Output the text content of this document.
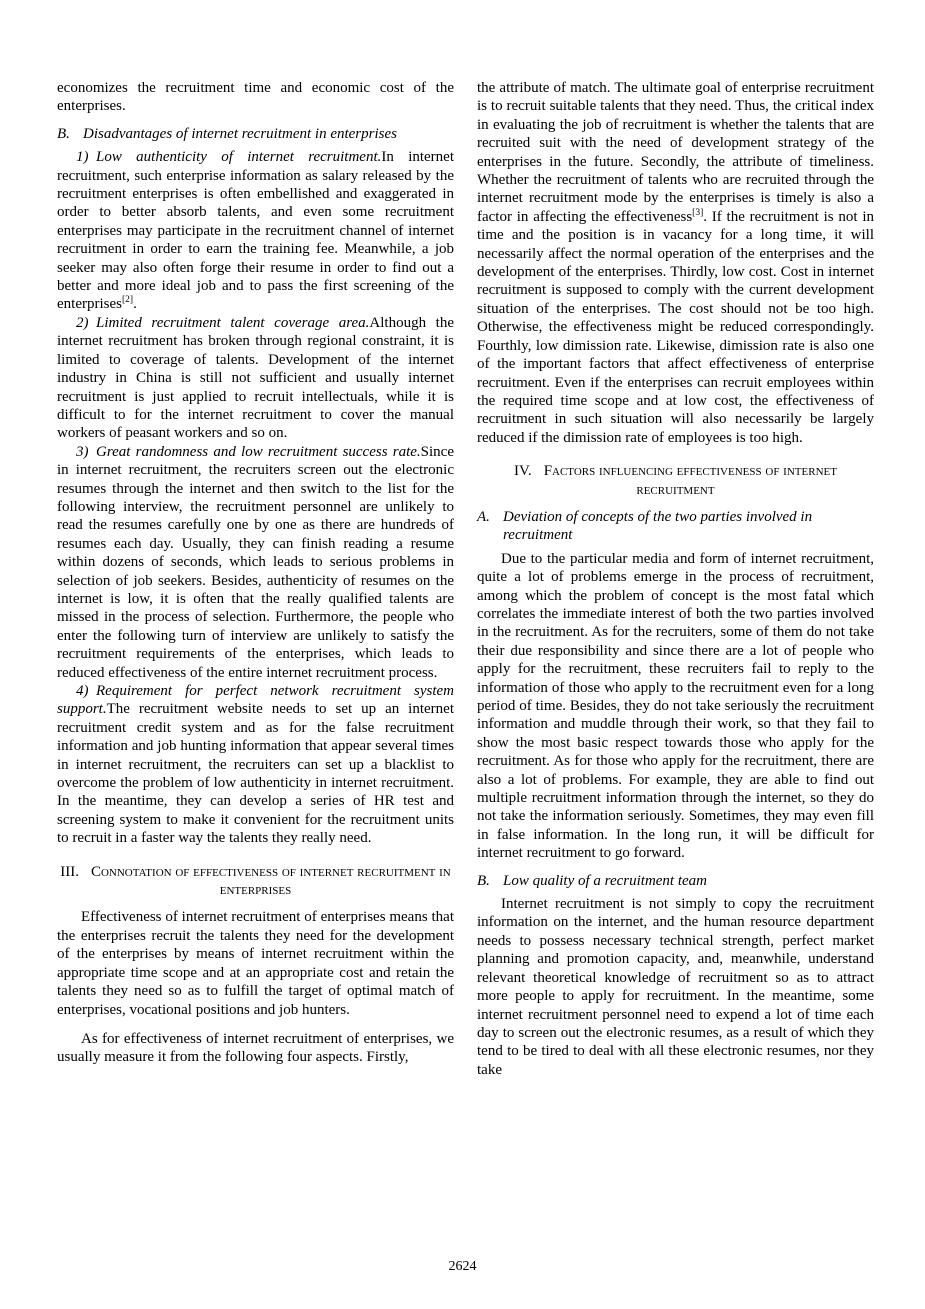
economizes the recruitment time and economic cost of the enterprises.

B. Disadvantages of internet recruitment in enterprises

1) Low authenticity of internet recruitment.In internet recruitment, such enterprise information as salary released by the recruitment enterprises is often embellished and exaggerated in order to better absorb talents, and even some recruitment enterprises may participate in the recruitment channel of internet recruitment in order to earn the training fee. Meanwhile, a job seeker may also often forge their resume in order to find out a better and more ideal job and to pass the first screening of the enterprises[2].

2) Limited recruitment talent coverage area.Although the internet recruitment has broken through regional constraint, it is limited to coverage of talents. Development of the internet industry in China is still not sufficient and usually internet recruitment is just applied to recruit intellectuals, while it is difficult to for the internet recruitment to cover the manual workers of peasant workers and so on.

3) Great randomness and low recruitment success rate.Since in internet recruitment, the recruiters screen out the electronic resumes through the internet and then switch to the list for the following interview, the recruitment personnel are unlikely to read the resumes carefully one by one as there are hundreds of resumes each day. Usually, they can finish reading a resume within dozens of seconds, which leads to serious problems in selection of job seekers. Besides, authenticity of resumes on the internet is low, it is often that the really qualified talents are missed in the process of selection. Furthermore, the people who enter the following turn of interview are unlikely to satisfy the recruitment requirements of the enterprises, which leads to reduced effectiveness of the entire internet recruitment process.

4) Requirement for perfect network recruitment system support.The recruitment website needs to set up an internet recruitment credit system and as for the false recruitment information and job hunting information that appear several times in internet recruitment, the recruiters can set up a blacklist to overcome the problem of low authenticity in internet recruitment. In the meantime, they can develop a series of HR test and screening system to make it convenient for the recruitment units to recruit in a faster way the talents they really need.

III. Connotation of effectiveness of internet recruitment in enterprises

Effectiveness of internet recruitment of enterprises means that the enterprises recruit the talents they need for the development of the enterprises by means of internet recruitment within the appropriate time scope and at an appropriate cost and retain the talents they need so as to fulfill the target of optimal match of enterprises, vocational positions and job hunters.

As for effectiveness of internet recruitment of enterprises, we usually measure it from the following four aspects. Firstly,

the attribute of match. The ultimate goal of enterprise recruitment is to recruit suitable talents that they need. Thus, the critical index in evaluating the job of recruitment is whether the talents that are recruited suit with the need of development strategy of the enterprises in the future. Secondly, the attribute of timeliness. Whether the recruitment of talents who are recruited through the internet recruitment mode by the enterprises is timely is also a factor in affecting the effectiveness[3]. If the recruitment is not in time and the position is in vacancy for a long time, it will necessarily affect the normal operation of the enterprises and the development of the enterprises. Thirdly, low cost. Cost in internet recruitment is supposed to comply with the current development situation of the enterprises. The cost should not be too high. Otherwise, the effectiveness might be reduced correspondingly. Fourthly, low dimission rate. Likewise, dimission rate is also one of the important factors that affect effectiveness of enterprise recruitment. Even if the enterprises can recruit employees within the required time scope and at low cost, the effectiveness of recruitment in such situation will also necessarily be largely reduced if the dimission rate of employees is too high.

IV. Factors influencing effectiveness of internet recruitment
A. Deviation of concepts of the two parties involved in recruitment

Due to the particular media and form of internet recruitment, quite a lot of problems emerge in the process of recruitment, among which the problem of concept is the most fatal which correlates the immediate interest of both the two parties involved in the recruitment. As for the recruiters, some of them do not take their due responsibility and since there are a lot of people who apply for the recruitment, these recruiters fail to reply to the information of those who apply to the recruitment even for a long period of time. Besides, they do not take seriously the recruitment information and muddle through their work, so that they fail to show the most basic respect towards those who apply for the recruitment. As for those who apply for the recruitment, there are also a lot of problems. For example, they are able to find out multiple recruitment information through the internet, so they do not take the information seriously. Sometimes, they may even fill in false information. In the long run, it will be difficult for internet recruitment to go forward.

B. Low quality of a recruitment team

Internet recruitment is not simply to copy the recruitment information on the internet, and the human resource department needs to possess necessary technical strength, perfect market planning and promotion capacity, and, meanwhile, understand relevant theoretical knowledge of recruitment so as to attract more people to apply for recruitment. In the meantime, some internet recruitment personnel need to expend a lot of time each day to screen out the electronic resumes, as a result of which they tend to be tired to deal with all these electronic resumes, nor they take

2624
